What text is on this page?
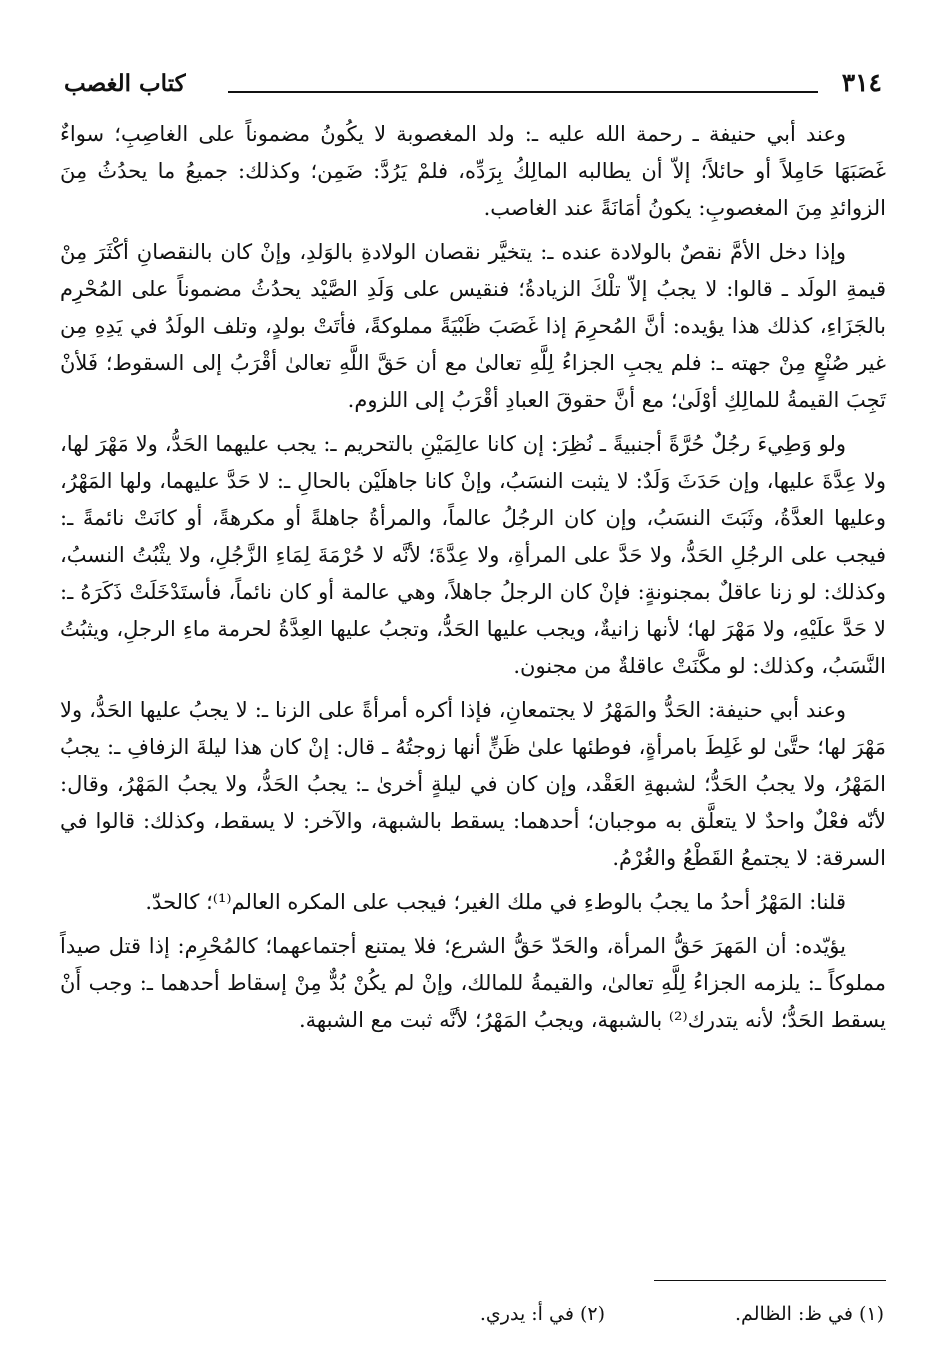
٣١٤
كتاب الغصب

وعند أبي حنيفة ـ رحمة الله عليه ـ: ولد المغصوبة لا يكُونُ مضموناً على الغاصِبِ؛ سواءٌ غَصَبَهَا حَامِلاً أو حائلاً؛ إلاّ أن يطالبه المالِكُ بِرَدِّه، فلمْ يَرُدَّ: ضَمِن؛ وكذلك: جميعُ ما يحدُثُ مِنَ الزوائدِ مِنَ المغصوبِ: يكونُ أمَانَةً عند الغاصب.

وإذا دخل الأمَّ نقصٌ بالولادة عنده ـ: يتخيَّر نقصان الولادةِ بالوَلدِ، وإنْ كان بالنقصانِ أكْثَرَ مِنْ قيمةِ الولَد ـ قالوا: لا يجبُ إلاّ تلْكَ الزيادةُ؛ فنقيس على وَلَدِ الصَّيْد يحدُثُ مضموناً على المُحْرِم بالجَزَاءِ، كذلك هذا يؤيده: أنَّ المُحرِمَ إذا غَصَبَ ظَبْيَةً مملوكةً، فأتَتْ بولدٍ، وتلف الولَدُ في يَدِهِ مِن غير صُنْعٍ مِنْ جهته ـ: فلم يجبِ الجزاءُ لِلَّهِ تعالىٰ مع أن حَقَّ اللَّهِ تعالىٰ أقْرَبُ إلى السقوط؛ فَلأنْ تَجِبَ القيمةُ للمالِكِ أوْلَىٰ؛ مع أنَّ حقوقَ العبادِ أقْرَبُ إلى اللزوم.

ولو وَطِيءَ رجُلٌ حُرَّةً أجنبيةً ـ نُظِرَ: إن كانا عالِمَيْنِ بالتحريم ـ: يجب عليهما الحَدُّ، ولا مَهْرَ لها، ولا عِدَّةَ عليها، وإن حَدَثَ وَلَدٌ: لا يثبت النسَبُ، وإنْ كانا جاهلَيْن بالحالِ ـ: لا حَدَّ عليهما، ولها المَهْرُ، وعليها العدَّةُ، وثَبَتَ النسَبُ، وإن كان الرجُلُ عالماً، والمرأةُ جاهلةً أو مكرهةً، أو كانَتْ نائمةً ـ: فيجب على الرجُلِ الحَدُّ، ولا حَدَّ على المرأةِ، ولا عِدَّةَ؛ لأنَّه لا حُرْمَةَ لِمَاءِ الزَّجُلِ، ولا يثْبُتُ النسبُ، وكذلك: لو زنا عاقلٌ بمجنونةٍ: فإنْ كان الرجلُ جاهلاً، وهي عالمة أو كان نائماً، فأستَدْخَلَتْ ذَكَرَهُ ـ: لا حَدَّ علَيْهِ، ولا مَهْرَ لها؛ لأنها زانيةٌ، ويجب عليها الحَدُّ، وتجبُ عليها العِدَّةُ لحرمة ماءِ الرجلِ، ويثبُتُ النَّسَبُ، وكذلك: لو مكَّنَتْ عاقلةٌ من مجنون.

وعند أبي حنيفة: الحَدُّ والمَهْرُ لا يجتمعانِ، فإذا أكره أمرأةً على الزنا ـ: لا يجبُ عليها الحَدُّ، ولا مَهْرَ لها؛ حتَّىٰ لو غَلِطَ بامرأةٍ، فوطئها علىٰ ظَنٍّ أنها زوجتُهُ ـ قال: إنْ كان هذا ليلةَ الزفافِ ـ: يجبُ المَهْرُ، ولا يجبُ الحَدُّ؛ لشبهةِ العَقْد، وإن كان في ليلةٍ أخرىٰ ـ: يجبُ الحَدُّ، ولا يجبُ المَهْرُ، وقال: لأنّه فعْلٌ واحدٌ لا يتعلَّق به موجبان؛ أحدهما: يسقط بالشبهة، والآخر: لا يسقط، وكذلك: قالوا في السرقة: لا يجتمعُ القَطْعُ والغُرْمُ.

قلنا: المَهْرُ أحدُ ما يجبُ بالوطءِ في ملك الغير؛ فيجب على المكره العالم⁽¹⁾؛ كالحدّ.

يؤيّده: أن المَهرَ حَقُّ المرأة، والحَدّ حَقُّ الشرع؛ فلا يمتنع أجتماعهما؛ كالمُحْرِم: إذا قتل صيداً مملوكاً ـ: يلزمه الجزاءُ لِلَّهِ تعالىٰ، والقيمةُ للمالك، وإنْ لم يكُنْ بُدٌّ مِنْ إسقاط أحدهما ـ: وجب أَنْ يسقط الحَدُّ؛ لأنه يتدرك⁽²⁾ بالشبهة، ويجبُ المَهْرُ؛ لأنَّه ثبت مع الشبهة.

(١) في ظ: الظالم.
(٢) في أ: يدري.
